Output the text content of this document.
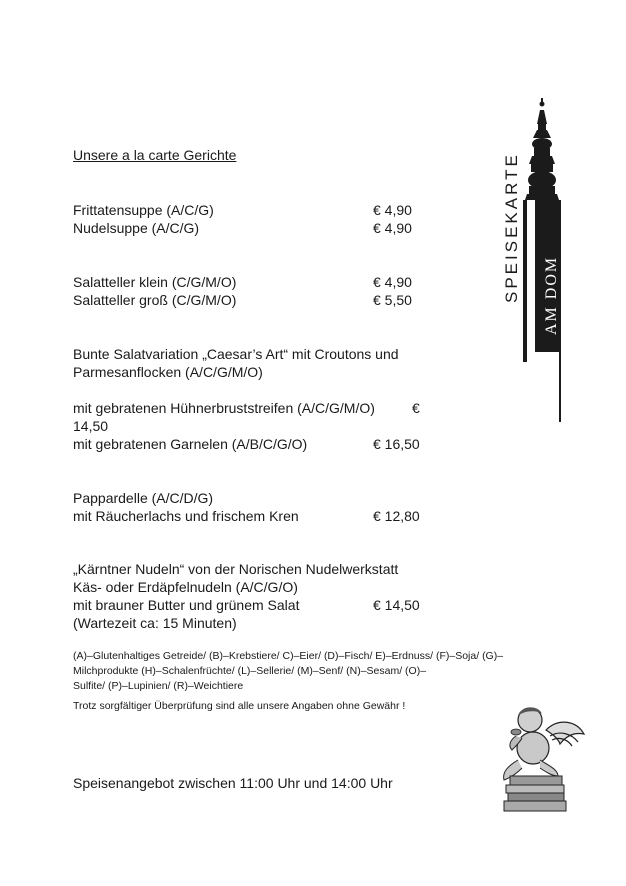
Unsere a la carte Gerichte
Frittatensuppe (A/C/G)	€ 4,90
Nudelsuppe (A/C/G)	€ 4,90
Salatteller klein (C/G/M/O)	€ 4,90
Salatteller groß (C/G/M/O)	€ 5,50
Bunte Salatvariation „Caesar’s Art“ mit Croutons und
Parmesanflocken (A/C/G/M/O)
mit gebratenen Hühnerbruststreifen (A/C/G/M/O)	€
14,50
mit gebratenen Garnelen (A/B/C/G/O)	€ 16,50
Pappardelle (A/C/D/G)
mit Räucherlachs und frischem Kren	€ 12,80
„Kärntner Nudeln“ von der Norischen Nudelwerkstatt
Käs- oder Erdäpfelnudeln (A/C/G/O)
mit brauner Butter und grünem Salat	€ 14,50
(Wartezeit ca: 15 Minuten)
(A)–Glutenhaltiges Getreide/ (B)–Krebstiere/ C)–Eier/ (D)–Fisch/ E)–Erdnuss/ (F)–Soja/ (G)–
Milchprodukte (H)–Schalenfrüchte/ (L)–Sellerie/ (M)–Senf/ (N)–Sesam/ (O)–
Sulfite/ (P)–Lupinien/ (R)–Weichtiere
Trotz sorgfältiger Überprüfung sind alle unsere Angaben ohne Gewähr !
Speisenangebot zwischen 11:00 Uhr und 14:00 Uhr
SPEISEKARTE AM DOM
